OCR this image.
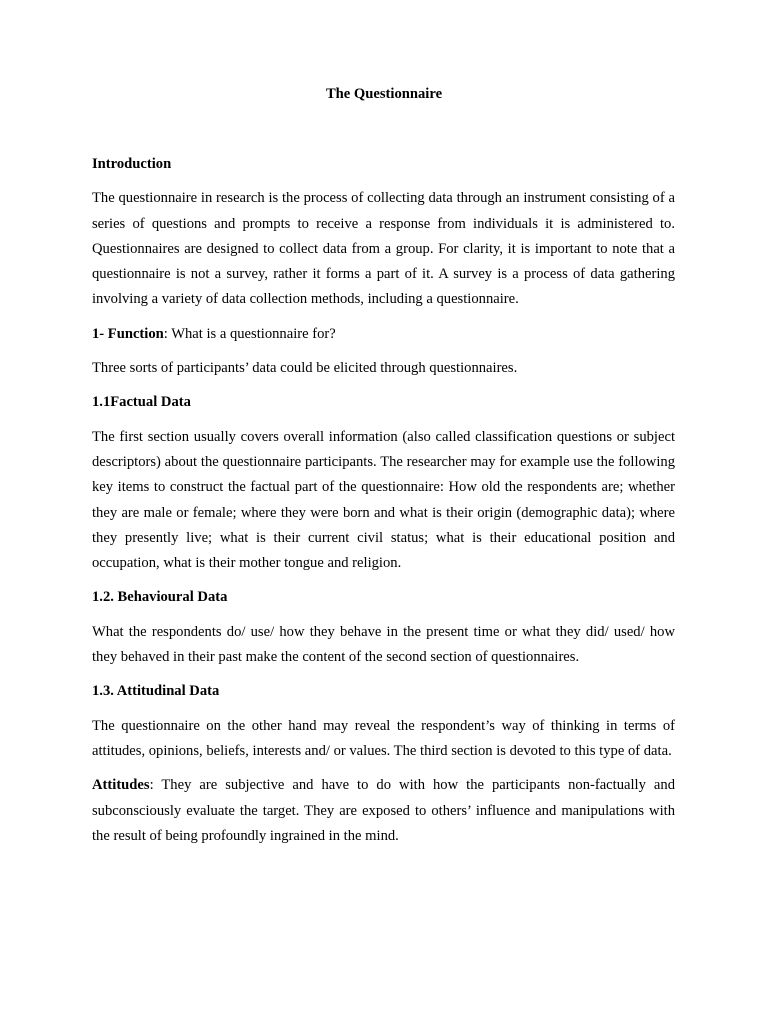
The Questionnaire
Introduction

The questionnaire in research is the process of collecting data through an instrument consisting of a series of questions and prompts to receive a response from individuals it is administered to. Questionnaires are designed to collect data from a group. For clarity, it is important to note that a questionnaire is not a survey, rather it forms a part of it. A survey is a process of data gathering involving a variety of data collection methods, including a questionnaire.

1- Function: What is a questionnaire for?

Three sorts of participants’ data could be elicited through questionnaires.

1.1Factual Data

The first section usually covers overall information (also called classification questions or subject descriptors) about the questionnaire participants. The researcher may for example use the following key items to construct the factual part of the questionnaire: How old the respondents are; whether they are male or female; where they were born and what is their origin (demographic data); where they presently live; what is their current civil status; what is their educational position and occupation, what is their mother tongue and religion.

1.2. Behavioural Data

What the respondents do/ use/ how they behave in the present time or what they did/ used/ how they behaved in their past make the content of the second section of questionnaires.

1.3. Attitudinal Data

The questionnaire on the other hand may reveal the respondent’s way of thinking in terms of attitudes, opinions, beliefs, interests and/ or values. The third section is devoted to this type of data.

Attitudes: They are subjective and have to do with how the participants non-factually and subconsciously evaluate the target. They are exposed to others’ influence and manipulations with the result of being profoundly ingrained in the mind.
